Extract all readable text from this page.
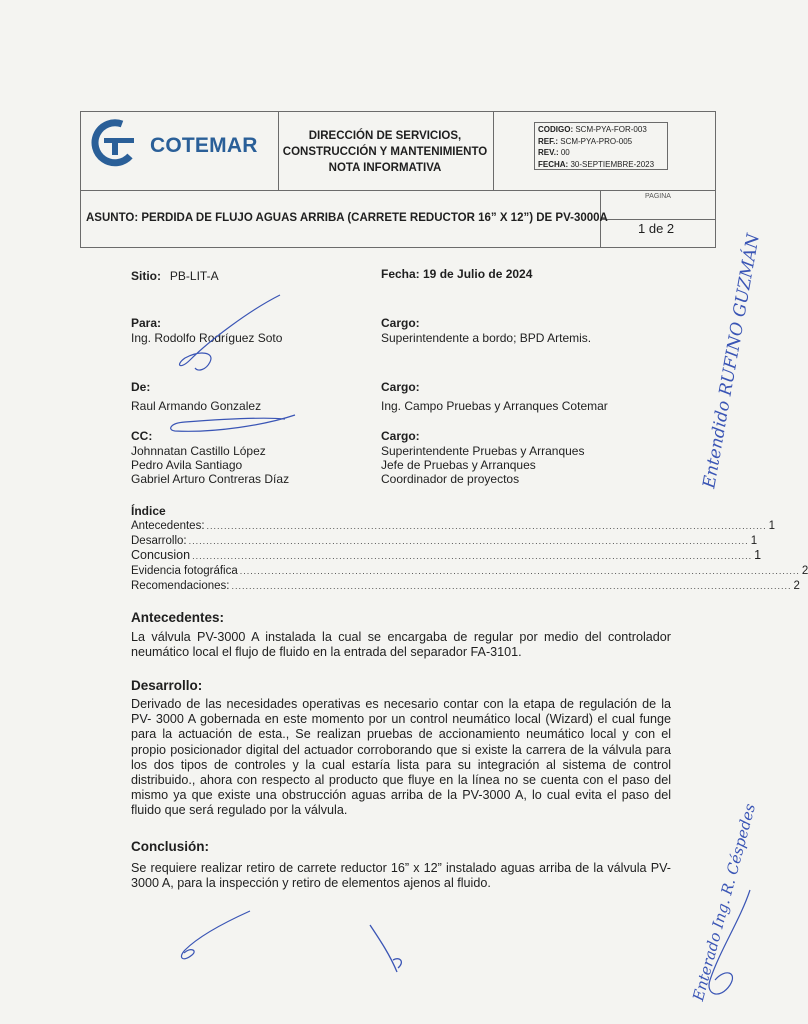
COTEMAR	DIRECCIÓN DE SERVICIOS,
CONSTRUCCIÓN Y MANTENIMIENTO
NOTA INFORMATIVA
CODIGO: SCM-PYA-FOR-003
REF.: SCM-PYA-PRO-005
REV.: 00
FECHA: 30-SEPTIEMBRE-2023
ASUNTO: PERDIDA DE FLUJO AGUAS ARRIBA (CARRETE REDUCTOR 16” X 12”) DE PV-3000A
PAGINA
1 de 2
Sitio: PB-LIT-A	Fecha: 19 de Julio de 2024
Para:
Ing. Rodolfo Rodríguez Soto
Cargo:
Superintendente a bordo; BPD Artemis.
De:
Raul Armando Gonzalez
Cargo:
Ing. Campo Pruebas y Arranques Cotemar
CC:
Johnnatan Castillo López
Pedro Avila Santiago
Gabriel Arturo Contreras Díaz
Cargo:
Superintendente Pruebas y Arranques
Jefe de Pruebas y Arranques
Coordinador de proyectos
Índice
Antecedentes: ................................................................................................................................................................ 1
Desarrollo: ................................................................................................................................................................ 1
Concusion ................................................................................................................................................................ 1
Evidencia fotográfica ................................................................................................................................................................ 2
Recomendaciones: ................................................................................................................................................................ 2
Antecedentes:
La válvula PV-3000 A instalada la cual se encargaba de regular por medio del controlador neumático local el flujo de fluido en la entrada del separador FA-3101.
Desarrollo:
Derivado de las necesidades operativas es necesario contar con la etapa de regulación de la PV- 3000 A gobernada en este momento por un control neumático local (Wizard) el cual funge para la actuación de esta., Se realizan pruebas de accionamiento neumático local y con el propio posicionador digital del actuador corroborando que si existe la carrera de la válvula para los dos tipos de controles y la cual estaría lista para su integración al sistema de control distribuido., ahora con respecto al producto que fluye en la línea no se cuenta con el paso del mismo ya que existe una obstrucción aguas arriba de la PV-3000 A, lo cual evita el paso del fluido que será regulado por la válvula.
Conclusión:
Se requiere realizar retiro de carrete reductor 16” x 12” instalado aguas arriba de la válvula PV-3000 A, para la inspección y retiro de elementos ajenos al fluido.
Entendido RUFINO GUZMÁN
Enterado Ing. R. Céspedes
